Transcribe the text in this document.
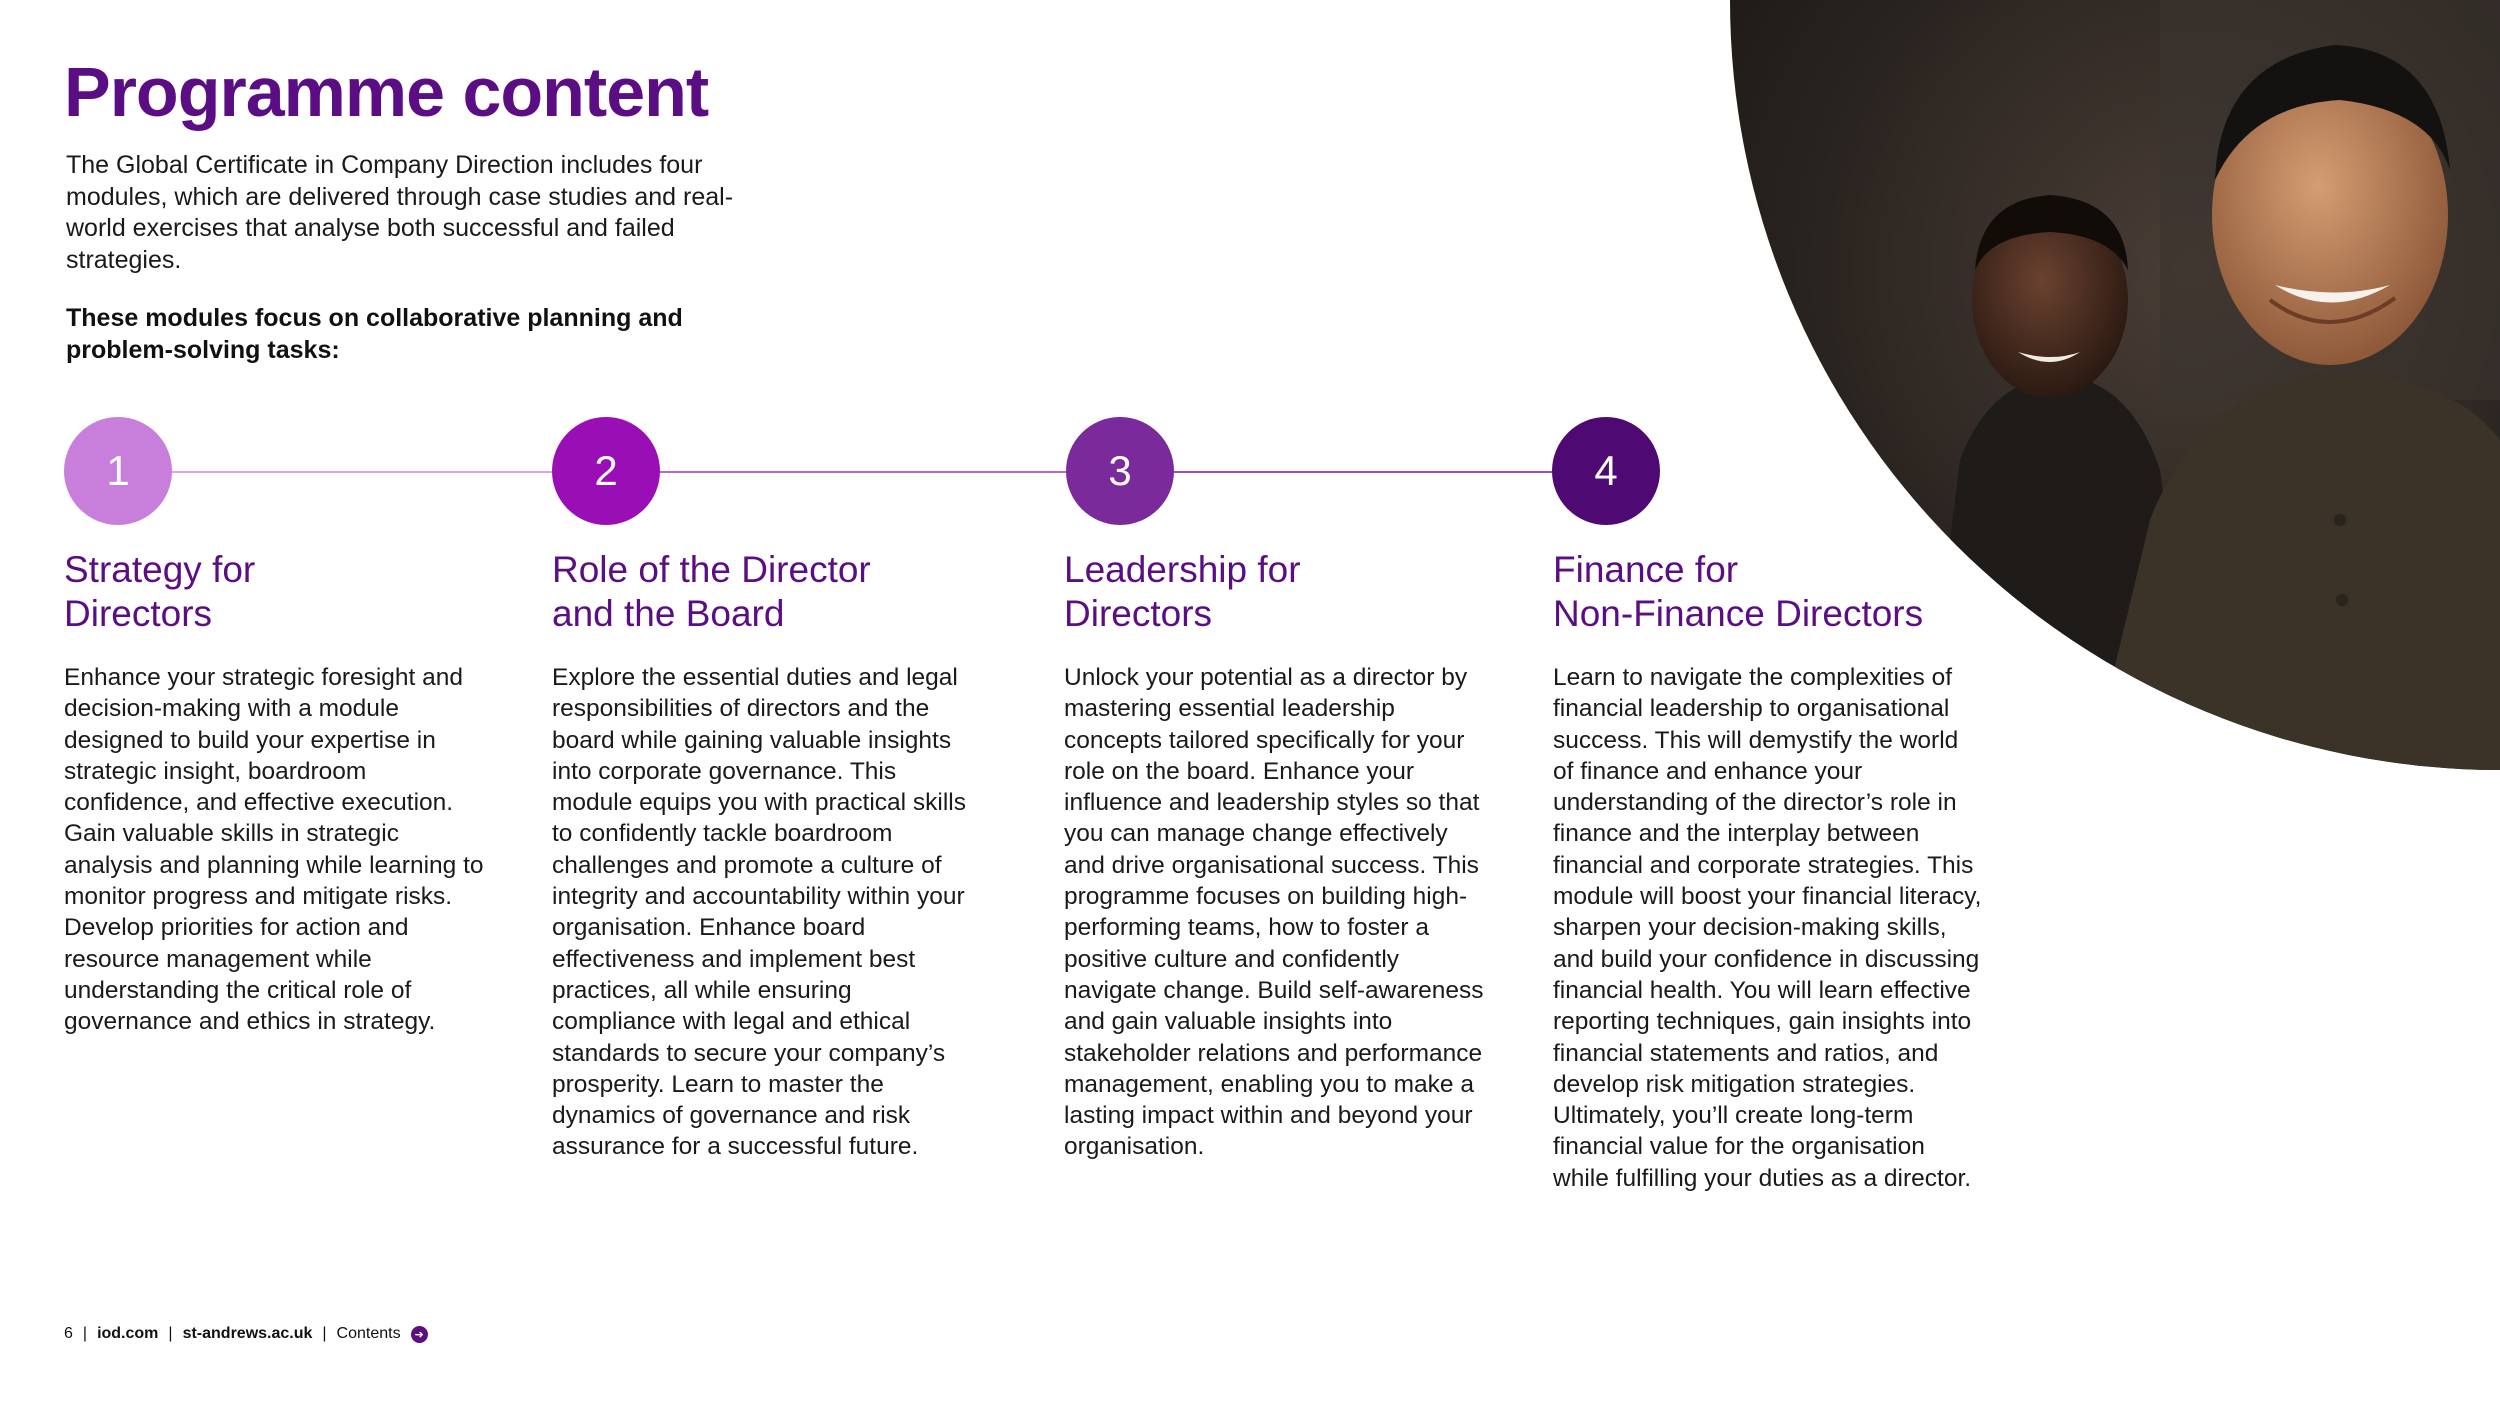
Programme content

The Global Certificate in Company Direction includes four modules, which are delivered through case studies and real-world exercises that analyse both successful and failed strategies.

These modules focus on collaborative planning and problem-solving tasks:

1	2	3	4
Strategy for
Directors

Enhance your strategic foresight and decision-making with a module designed to build your expertise in strategic insight, boardroom confidence, and effective execution. Gain valuable skills in strategic analysis and planning while learning to monitor progress and mitigate risks. Develop priorities for action and resource management while understanding the critical role of governance and ethics in strategy.

Role of the Director
and the Board

Explore the essential duties and legal responsibilities of directors and the board while gaining valuable insights into corporate governance. This module equips you with practical skills to confidently tackle boardroom challenges and promote a culture of integrity and accountability within your organisation. Enhance board effectiveness and implement best practices, all while ensuring compliance with legal and ethical standards to secure your company’s prosperity. Learn to master the dynamics of governance and risk assurance for a successful future.

Leadership for
Directors

Unlock your potential as a director by mastering essential leadership concepts tailored specifically for your role on the board. Enhance your influence and leadership styles so that you can manage change effectively and drive organisational success. This programme focuses on building high-performing teams, how to foster a positive culture and confidently navigate change. Build self-awareness and gain valuable insights into stakeholder relations and performance management, enabling you to make a lasting impact within and beyond your organisation.

Finance for
Non-Finance Directors

Learn to navigate the complexities of financial leadership to organisational success. This will demystify the world of finance and enhance your understanding of the director’s role in finance and the interplay between financial and corporate strategies. This module will boost your financial literacy, sharpen your decision-making skills, and build your confidence in discussing financial health. You will learn effective reporting techniques, gain insights into financial statements and ratios, and develop risk mitigation strategies. Ultimately, you’ll create long-term financial value for the organisation while fulfilling your duties as a director.

6 | iod.com | st-andrews.ac.uk | Contents	➜
